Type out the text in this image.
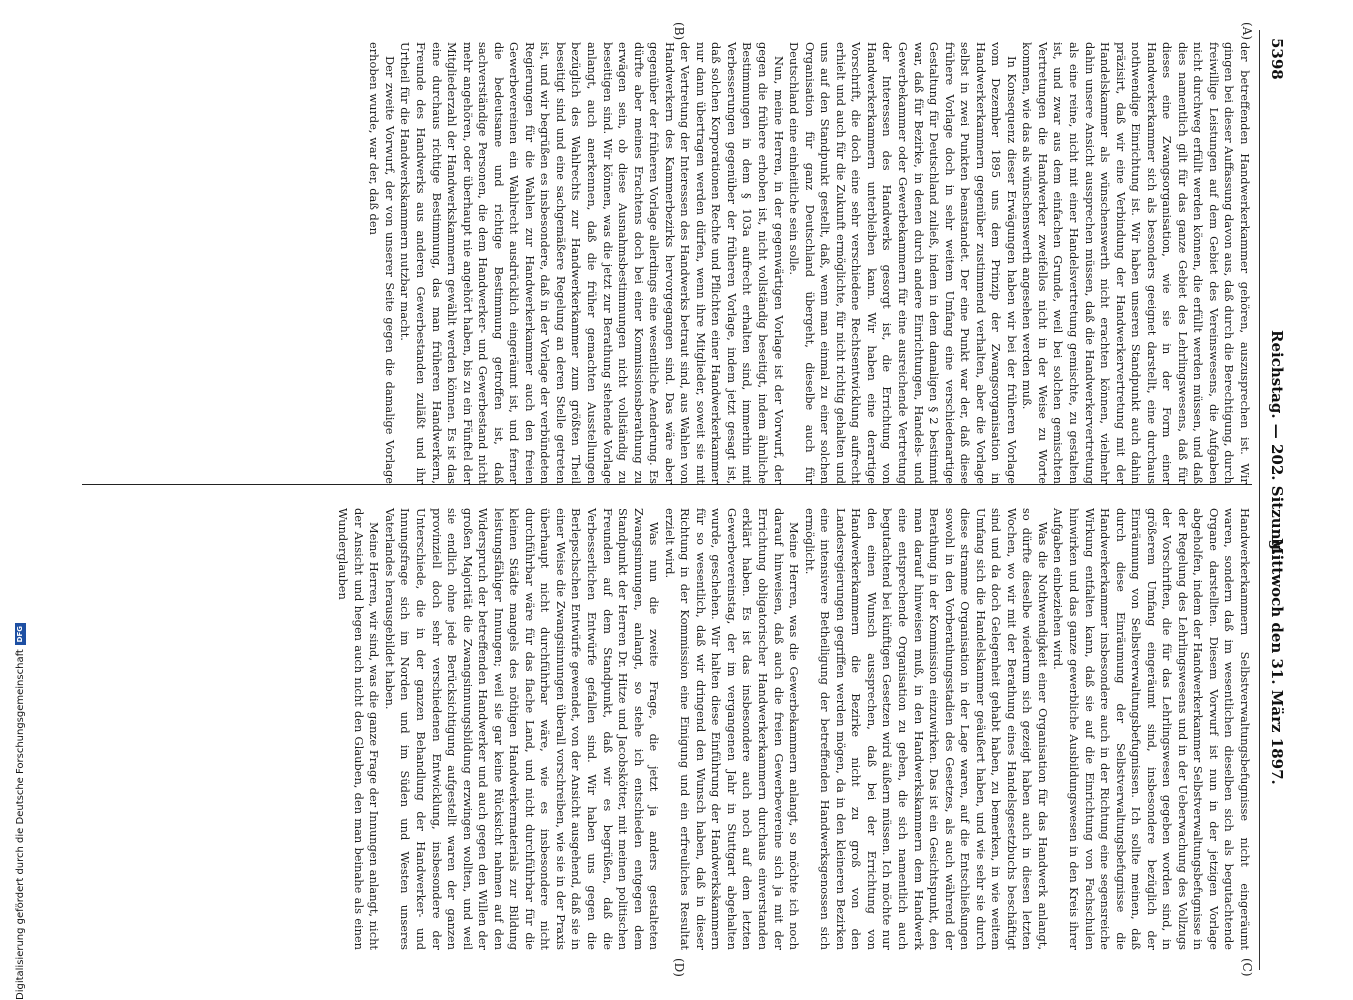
5398
Reichstag. — 202. Sitzung.
Mittwoch den 31. März 1897.
(A)
(B)
(C)
(D)

der betreffenden Handwerkerkammer gehören, auszusprechen ist. Wir gingen bei dieser Auffassung davon aus, daß durch die Berechtigung, durch freiwillige Leistungen auf dem Gebiet des Vereinswesens, die Aufgaben nicht durchweg erfüllt werden können, die erfüllt werden müssen, und daß dies namentlich gilt für das ganze Gebiet des Lehrlingswesens, daß für dieses eine Zwangsorganisation, wie sie in der Form einer Handwerkerkammer sich als besonders geeignet darstellt, eine durchaus nothwendige Einrichtung ist. Wir haben unseren Standpunkt auch dahin präzisirt, daß wir eine Verbindung der Handwerkervertretung mit der Handelskammer als wünschenswerth nicht erachten können, vielmehr dahin unsere Ansicht aussprechen müssen, daß die Handwerkervertretung als eine reine, nicht mit einer Handelsvertretung gemischte, zu gestalten ist, und zwar aus dem einfachen Grunde, weil bei solchen gemischten Vertretungen die Handwerker zweifellos nicht in der Weise zu Worte kommen, wie das als wünschenswerth angesehen werden muß.

In Konsequenz dieser Erwägungen haben wir bei der früheren Vorlage vom Dezember 1895 uns dem Prinzip der Zwangsorganisation in Handwerkerkammern gegenüber zustimmend verhalten, aber die Vorlage selbst in zwei Punkten beanstandet. Der eine Punkt war der, daß diese frühere Vorlage doch in sehr weitem Umfang eine verschiedenartige Gestaltung für Deutschland zuließ, indem in dem damaligen § 2 bestimmt war, daß für Bezirke, in denen durch andere Einrichtungen, Handels- und Gewerbekammer oder Gewerbekammern für eine ausreichende Vertretung der Interessen des Handwerks gesorgt ist, die Errichtung von Handwerkerkammern unterbleiben kann. Wir haben eine derartige Vorschrift, die doch eine sehr verschiedene Rechtsentwicklung aufrecht erhielt und auch für die Zukunft ermöglichte, für nicht richtig gehalten und uns auf den Standpunkt gestellt, daß, wenn man einmal zu einer solchen Organisation für ganz Deutschland übergeht, dieselbe auch für Deutschland eine einheitliche sein solle.

Nun, meine Herren, in der gegenwärtigen Vorlage ist der Vorwurf, der gegen die frühere erhoben ist, nicht vollständig beseitigt, indem ähnliche Bestimmungen in dem § 103a aufrecht erhalten sind, immerhin mit Verbesserungen gegenüber der früheren Vorlage, indem jetzt gesagt ist, daß solchen Korporationen Rechte und Pflichten einer Handwerkerkammer nur dann übertragen werden dürfen, wenn ihre Mitglieder, soweit sie mit der Vertretung der Interessen des Handwerks betraut sind, aus Wahlen von Handwerkern des Kammerbezirks hervorgegangen sind. Das wäre aber gegenüber der früheren Vorlage allerdings eine wesentliche Aenderung. Es dürfte aber meines Erachtens doch bei einer Kommissionsberathung zu erwägen sein, ob diese Ausnahmsbestimmungen nicht vollständig zu beseitigen sind. Wir können, was die jetzt zur Berathung stehende Vorlage anlangt, auch anerkennen, daß die früher gemachten Ausstellungen bezüglich des Wahlrechts zur Handwerkerkammer zum größten Theil beseitigt sind und eine sachgemäßere Regelung an deren Stelle getreten ist, und wir begrüßen es insbesondere, daß in der Vorlage der verbündeten Regierungen für die Wahlen zur Handwerkerkammer auch den freien Gewerbevereinen ein Wahlrecht ausdrücklich eingeräumt ist, und ferner die bedeutsame und richtige Bestimmung getroffen ist, daß sachverständige Personen, die dem Handwerker- und Gewerbestand nicht mehr angehören, oder überhaupt nie angehört haben, bis zu ein Fünftel der Mitgliederzahl der Handwerkskammern gewählt werden können. Es ist das eine durchaus richtige Bestimmung, das man früheren Handwerkern, Freunde des Handwerks aus anderen Gewerbestanden zuläßt und ihr Urtheil für die Handwerkskammern nutzbar macht.

Der zweite Vorwurf, der von unserer Seite gegen die damalige Vorlage erhoben wurde, war der, daß den

Handwerkerkammern Selbstverwaltungsbefugnisse nicht eingeräumt waren, sondern daß im wesentlichen dieselben sich als begutachtende Organe darstellten. Diesem Vorwurf ist nun in der jetzigen Vorlage abgeholfen, indem der Handwerkerkammer Selbstverwaltungsbefugnisse in der Regelung des Lehrlingswesens und in der Ueberwachung des Vollzugs der Vorschriften, die für das Lehrlingswesen gegeben worden sind, in größerem Umfang eingeräumt sind, insbesondere bezüglich der Einräumung von Selbstverwaltungsbefugnissen. Ich sollte meinen, daß durch diese Einräumung der Selbstverwaltungsbefugnisse die Handwerkerkammer insbesondere auch in der Richtung eine segensreiche Wirkung entfalten kann, daß sie auf die Einrichtung von Fachschulen hinwirken und das ganze gewerbliche Ausbildungswesen in den Kreis ihrer Aufgaben einbeziehen wird.

Was die Nothwendigkeit einer Organisation für das Handwerk anlangt, so dürfte dieselbe wiederum sich gezeigt haben auch in diesen letzten Wochen, wo wir mit der Berathung eines Handelsgesetzbuchs beschäftigt sind und da doch Gelegenheit gehabt haben, zu bemerken, in wie weitem Umfang sich die Handelskammer geäußert haben, und wie sehr sie durch diese stramme Organisation in der Lage waren, auf die Entschließungen sowohl in den Vorberathungsstadien des Gesetzes, als auch während der Berathung in der Kommission einzuwirken. Das ist ein Gesichtspunkt, den man darauf hinweisen muß, in den Handwerkskammern dem Handwerk eine entsprechende Organisation zu geben, die sich namentlich auch begutachtend bei künftigen Gesetzen wird äußern müssen. Ich möchte nur den einen Wunsch aussprechen, daß bei der Errichtung von Handwerkerkammern die Bezirke nicht zu groß von den Landesregierungen gegriffen werden mögen, da in den kleineren Bezirken eine intensivere Betheiligung der betreffenden Handwerksgenossen sich ermöglicht.

Meine Herren, was die Gewerbekammern anlangt, so möchte ich noch darauf hinweisen, daß auch die freien Gewerbevereine sich ja mit der Errichtung obligatorischer Handwerkerkammern durchaus einverstanden erklärt haben. Es ist das insbesondere auch noch auf dem letzten Gewerbevereinstag, der im vergangenen Jahr in Stuttgart abgehalten wurde, geschehen. Wir halten diese Einführung der Handwerkskammern für so wesentlich, daß wir dringend den Wunsch haben, daß in dieser Richtung in der Kommission eine Einigung und ein erfreuliches Resultat erzielt wird.

Was nun die zweite Frage, die jetzt ja anders gestalteten Zwangsinnungen, anlangt, so stehe ich entschieden entgegen dem Standpunkt der Herren Dr. Hitze und Jacobskötter, mit meinen politischen Freunden auf dem Standpunkt, daß wir es begrüßen, daß die Verbesserlichen Entwürfe gefallen sind. Wir haben uns gegen die Berlepschschen Entwürfe gewendet, von der Ansicht ausgehend, daß sie in einer Weise die Zwangsinnungen überall vorschreiben, wie sie in der Praxis überhaupt nicht durchführbar wäre, wie es insbesondere nicht durchführbar wäre für das flache Land, und nicht durchführbar für die kleinen Städte mangels des nöthigen Handwerkermaterials zur Bildung leistungsfähiger Innungen; weil sie gar keine Rücksicht nahmen auf den Widerspruch der betreffenden Handwerker und auch gegen den Willen der großen Majorität die Zwangsinnungsbildung erzwingen wollten, und weil sie endlich ohne jede Berücksichtigung aufgestellt waren der ganzen provinziell doch sehr verschiedenen Entwicklung, insbesondere der Unterschiede, die in der ganzen Behandlung der Handwerker- und Innungsfrage sich im Norden und im Süden und Westen unseres Vaterlandes herausgebildet haben.

Meine Herren, wir sind, was die ganze Frage der Innungen anlangt, nicht der Ansicht und hegen auch nicht den Glauben, den man beinahe als einen Wunderglauben

Digitalisierung gefördert durch die Deutsche ForschungsgemeinschaftDFG
